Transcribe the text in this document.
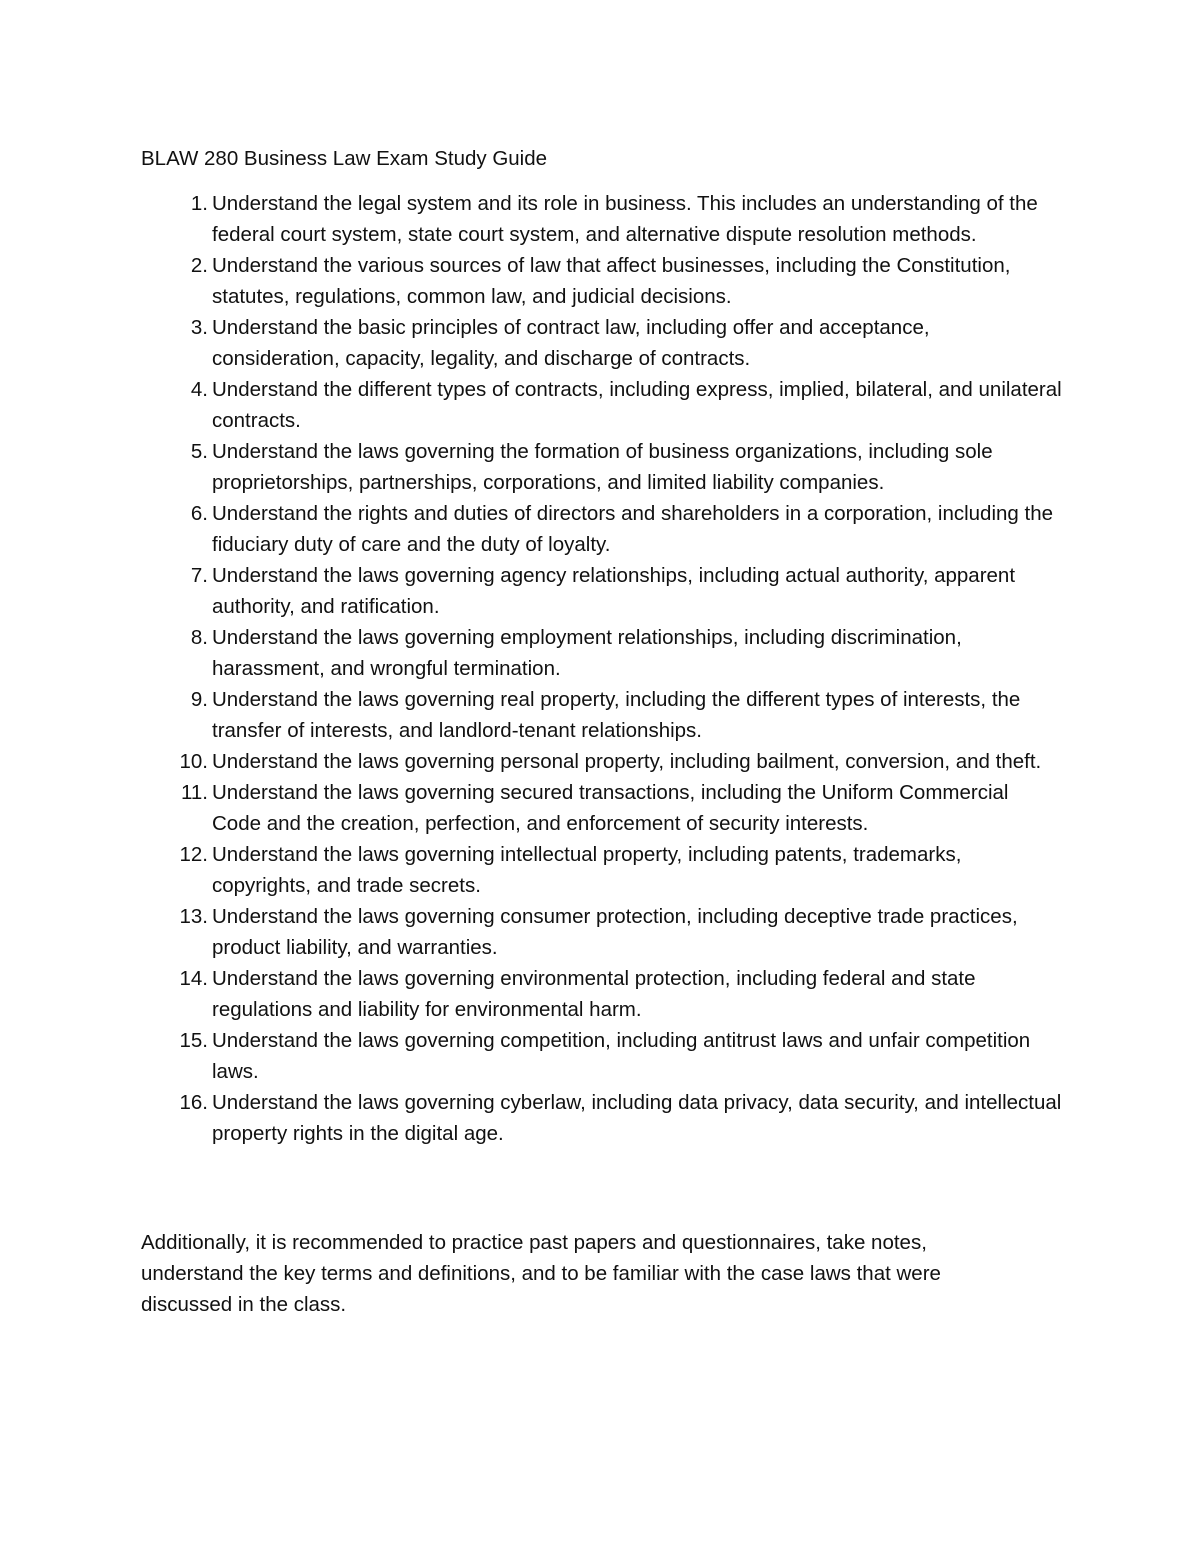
BLAW 280 Business Law Exam Study Guide
1. Understand the legal system and its role in business. This includes an understanding of the federal court system, state court system, and alternative dispute resolution methods.
2. Understand the various sources of law that affect businesses, including the Constitution, statutes, regulations, common law, and judicial decisions.
3. Understand the basic principles of contract law, including offer and acceptance, consideration, capacity, legality, and discharge of contracts.
4. Understand the different types of contracts, including express, implied, bilateral, and unilateral contracts.
5. Understand the laws governing the formation of business organizations, including sole proprietorships, partnerships, corporations, and limited liability companies.
6. Understand the rights and duties of directors and shareholders in a corporation, including the fiduciary duty of care and the duty of loyalty.
7. Understand the laws governing agency relationships, including actual authority, apparent authority, and ratification.
8. Understand the laws governing employment relationships, including discrimination, harassment, and wrongful termination.
9. Understand the laws governing real property, including the different types of interests, the transfer of interests, and landlord-tenant relationships.
10. Understand the laws governing personal property, including bailment, conversion, and theft.
11. Understand the laws governing secured transactions, including the Uniform Commercial Code and the creation, perfection, and enforcement of security interests.
12. Understand the laws governing intellectual property, including patents, trademarks, copyrights, and trade secrets.
13. Understand the laws governing consumer protection, including deceptive trade practices, product liability, and warranties.
14. Understand the laws governing environmental protection, including federal and state regulations and liability for environmental harm.
15. Understand the laws governing competition, including antitrust laws and unfair competition laws.
16. Understand the laws governing cyberlaw, including data privacy, data security, and intellectual property rights in the digital age.

Additionally, it is recommended to practice past papers and questionnaires, take notes, understand the key terms and definitions, and to be familiar with the case laws that were discussed in the class.
